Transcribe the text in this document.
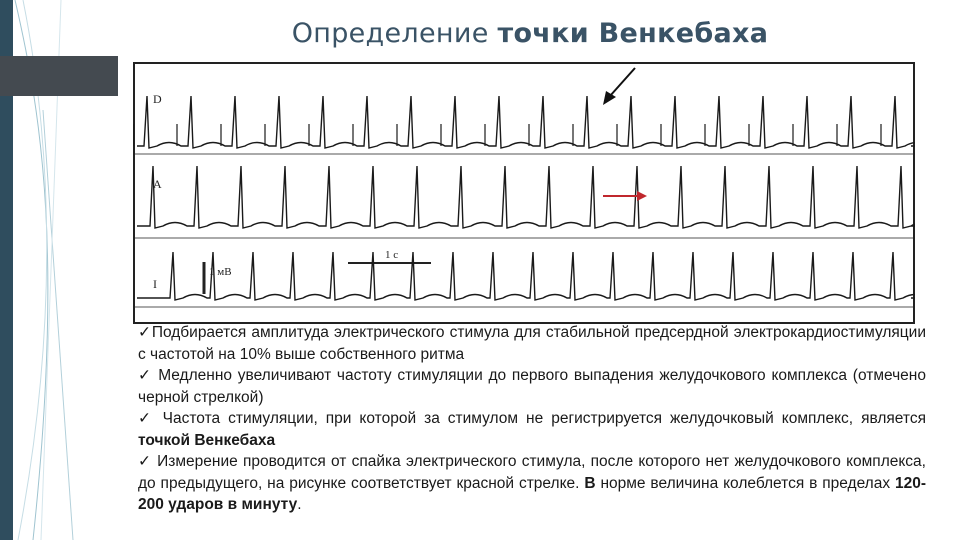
Определение точки Венкебаха
D
A
I
1 с
1 мВ

✓Подбирается амплитуда электрического стимула для стабильной предсердной электрокардиостимуляции с частотой на 10% выше собственного ритма

✓ Медленно увеличивают частоту стимуляции до первого выпадения желудочкового комплекса (отмечено черной стрелкой)

✓ Частота стимуляции, при которой за стимулом не регистрируется желудочковый комплекс, является точкой Венкебаха

✓ Измерение проводится от спайка электрического стимула, после которого нет желудочкового комплекса, до предыдущего, на рисунке соответствует красной стрелке. В норме величина колеблется в пределах 120-200 ударов в минуту.
